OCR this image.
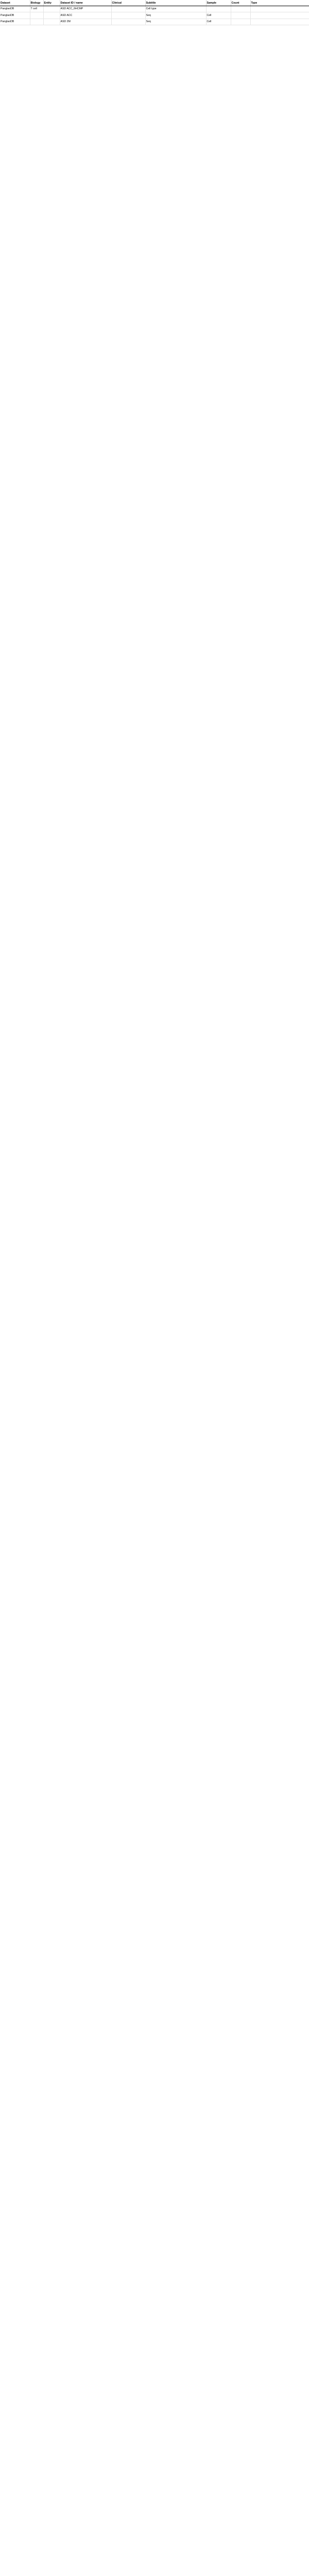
Dataset	Biology	Entity	Dataset ID / name	Clinical	Subtitle	Sample	Count	Type
PanglaoDB	T cell		ASD ACC_6HCMP		Cell type			
PanglaoDB			ASD ACC		Seq	Cell		
PanglaoDB			ASD 2M		Seq	Cell		
